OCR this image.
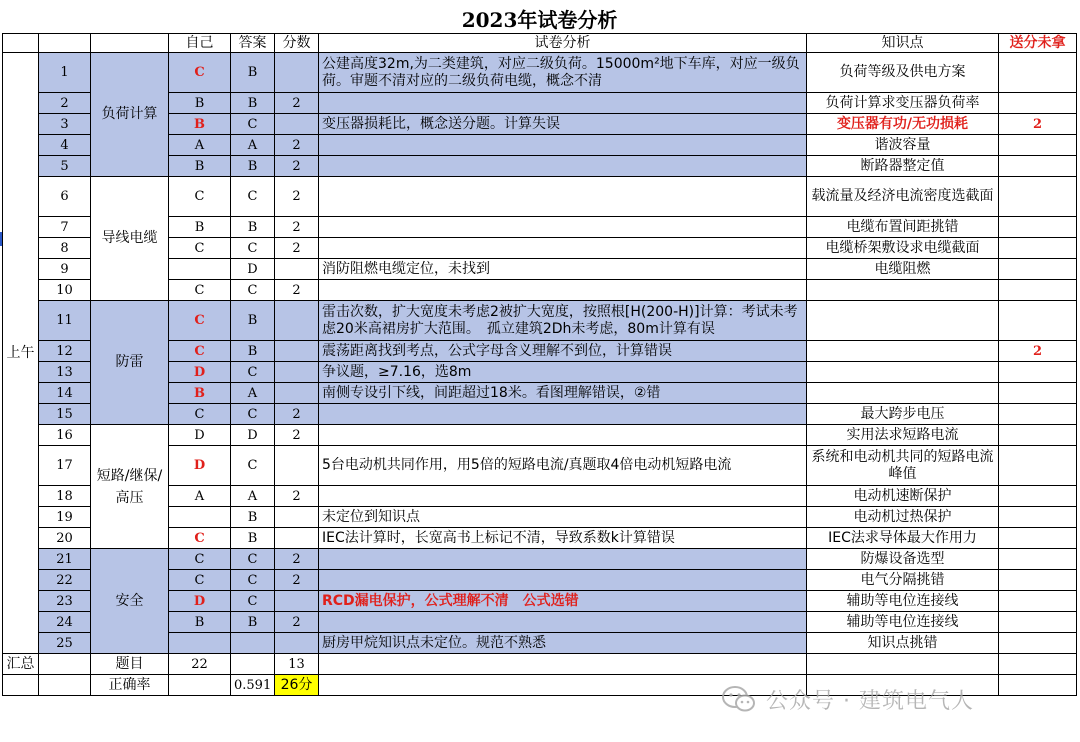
2023年试卷分析								
			自己	答案	分数	试卷分析	知识点	送分未拿
上午	1	负荷计算	C	B		公建高度32m,为二类建筑，对应二级负荷。15000m²地下车库，对应一级负荷。审题不清对应的二级负荷电缆，概念不清	负荷等级及供电方案	
	2		B	B	2		负荷计算求变压器负荷率	
	3		B	C		变压器损耗比，概念送分题。计算失误	变压器有功/无功损耗	2
	4		A	A	2		谐波容量	
	5		B	B	2		断路器整定值	
	6	导线电缆	C	C	2		载流量及经济电流密度选截面	
	7		B	B	2		电缆布置间距挑错	
	8		C	C	2		电缆桥架敷设求电缆截面	
	9			D		消防阻燃电缆定位，未找到	电缆阻燃	
	10		C	C	2			
	11	防雷	C	B		雷击次数，扩大宽度未考虑2被扩大宽度，按照根[H(200-H)]计算：考试未考虑20米高裙房扩大范围。　孤立建筑2Dh未考虑，80m计算有误		
	12		C	B		震荡距离找到考点，公式字母含义理解不到位，计算错误		2
	13		D	C		争议题，≥7.16，选8m		
	14		B	A		南侧专设引下线，间距超过18米。看图理解错误，②错		
	15		C	C	2		最大跨步电压	
	16	短路/继保/高压	D	D	2		实用法求短路电流	
	17		D	C		5台电动机共同作用，用5倍的短路电流/真题取4倍电动机短路电流	系统和电动机共同的短路电流峰值	
	18		A	A	2		电动机速断保护	
	19			B		未定位到知识点	电动机过热保护	
	20		C	B		IEC法计算时，长宽高书上标记不清，导致系数k计算错误	IEC法求导体最大作用力	
	21	安全	C	C	2		防爆设备选型	
	22		C	C	2		电气分隔挑错	
	23		D	C		RCD漏电保护，公式理解不清　公式选错	辅助等电位连接线	
	24		B	B	2		辅助等电位连接线	
	25					厨房甲烷知识点未定位。规范不熟悉	知识点挑错	
汇总		题目	22		13			
		正确率		0.591	26分			
公众号 · 建筑电气人
